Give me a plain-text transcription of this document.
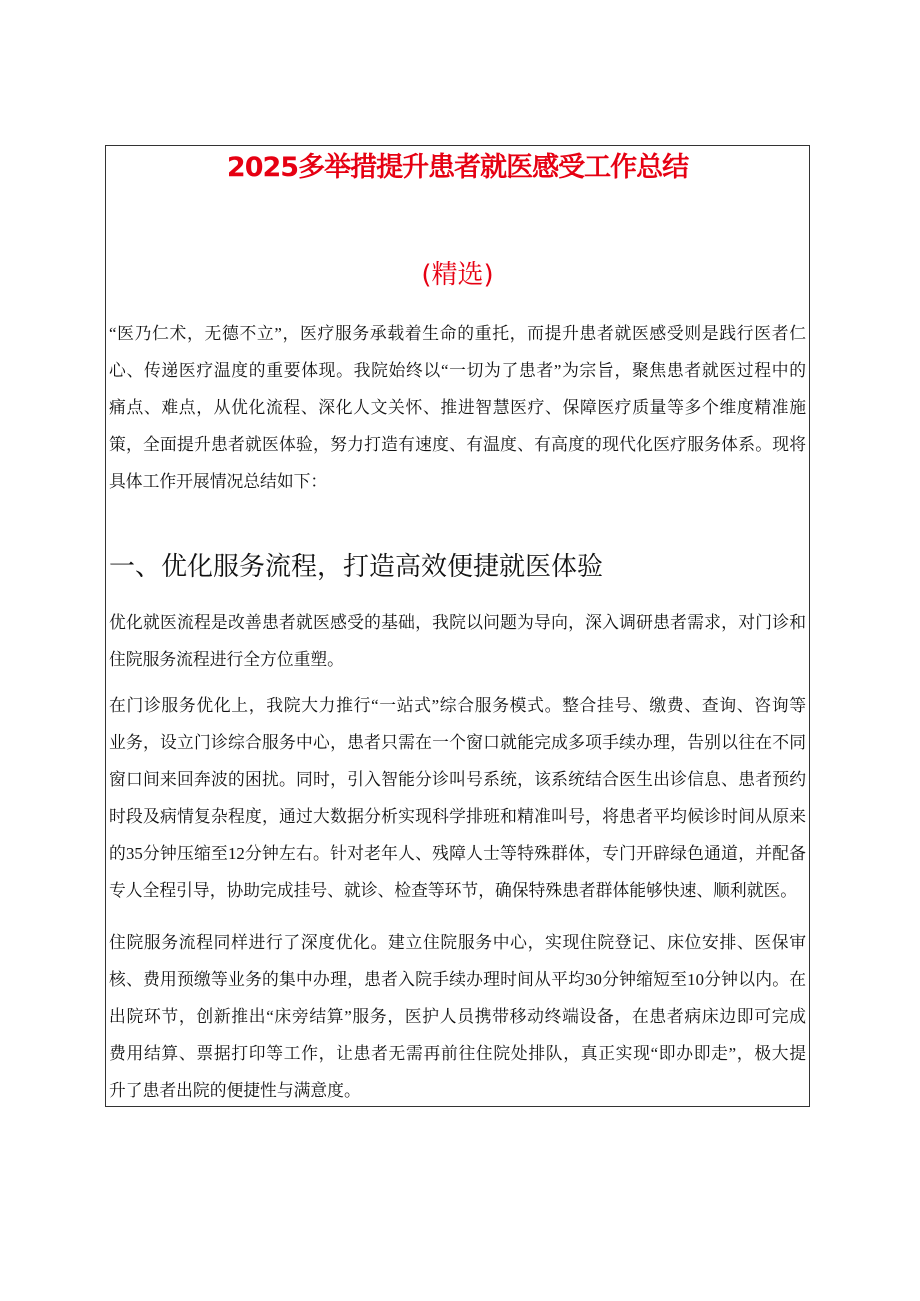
2025多举措提升患者就医感受工作总结
(精选)
“医乃仁术，无德不立”，医疗服务承载着生命的重托，而提升患者就医感受则是践行医者仁
心、传递医疗温度的重要体现。我院始终以“一切为了患者”为宗旨，聚焦患者就医过程中的
痛点、难点，从优化流程、深化人文关怀、推进智慧医疗、保障医疗质量等多个维度精准施
策，全面提升患者就医体验，努力打造有速度、有温度、有高度的现代化医疗服务体系。现将
具体工作开展情况总结如下：
一、优化服务流程，打造高效便捷就医体验
优化就医流程是改善患者就医感受的基础，我院以问题为导向，深入调研患者需求，对门诊和
住院服务流程进行全方位重塑。
在门诊服务优化上，我院大力推行“一站式”综合服务模式。整合挂号、缴费、查询、咨询等
业务，设立门诊综合服务中心，患者只需在一个窗口就能完成多项手续办理，告别以往在不同
窗口间来回奔波的困扰。同时，引入智能分诊叫号系统，该系统结合医生出诊信息、患者预约
时段及病情复杂程度，通过大数据分析实现科学排班和精准叫号，将患者平均候诊时间从原来
的35分钟压缩至12分钟左右。针对老年人、残障人士等特殊群体，专门开辟绿色通道，并配备
专人全程引导，协助完成挂号、就诊、检查等环节，确保特殊患者群体能够快速、顺利就医。
住院服务流程同样进行了深度优化。建立住院服务中心，实现住院登记、床位安排、医保审
核、费用预缴等业务的集中办理，患者入院手续办理时间从平均30分钟缩短至10分钟以内。在
出院环节，创新推出“床旁结算”服务，医护人员携带移动终端设备，在患者病床边即可完成
费用结算、票据打印等工作，让患者无需再前往住院处排队，真正实现“即办即走”，极大提
升了患者出院的便捷性与满意度。
